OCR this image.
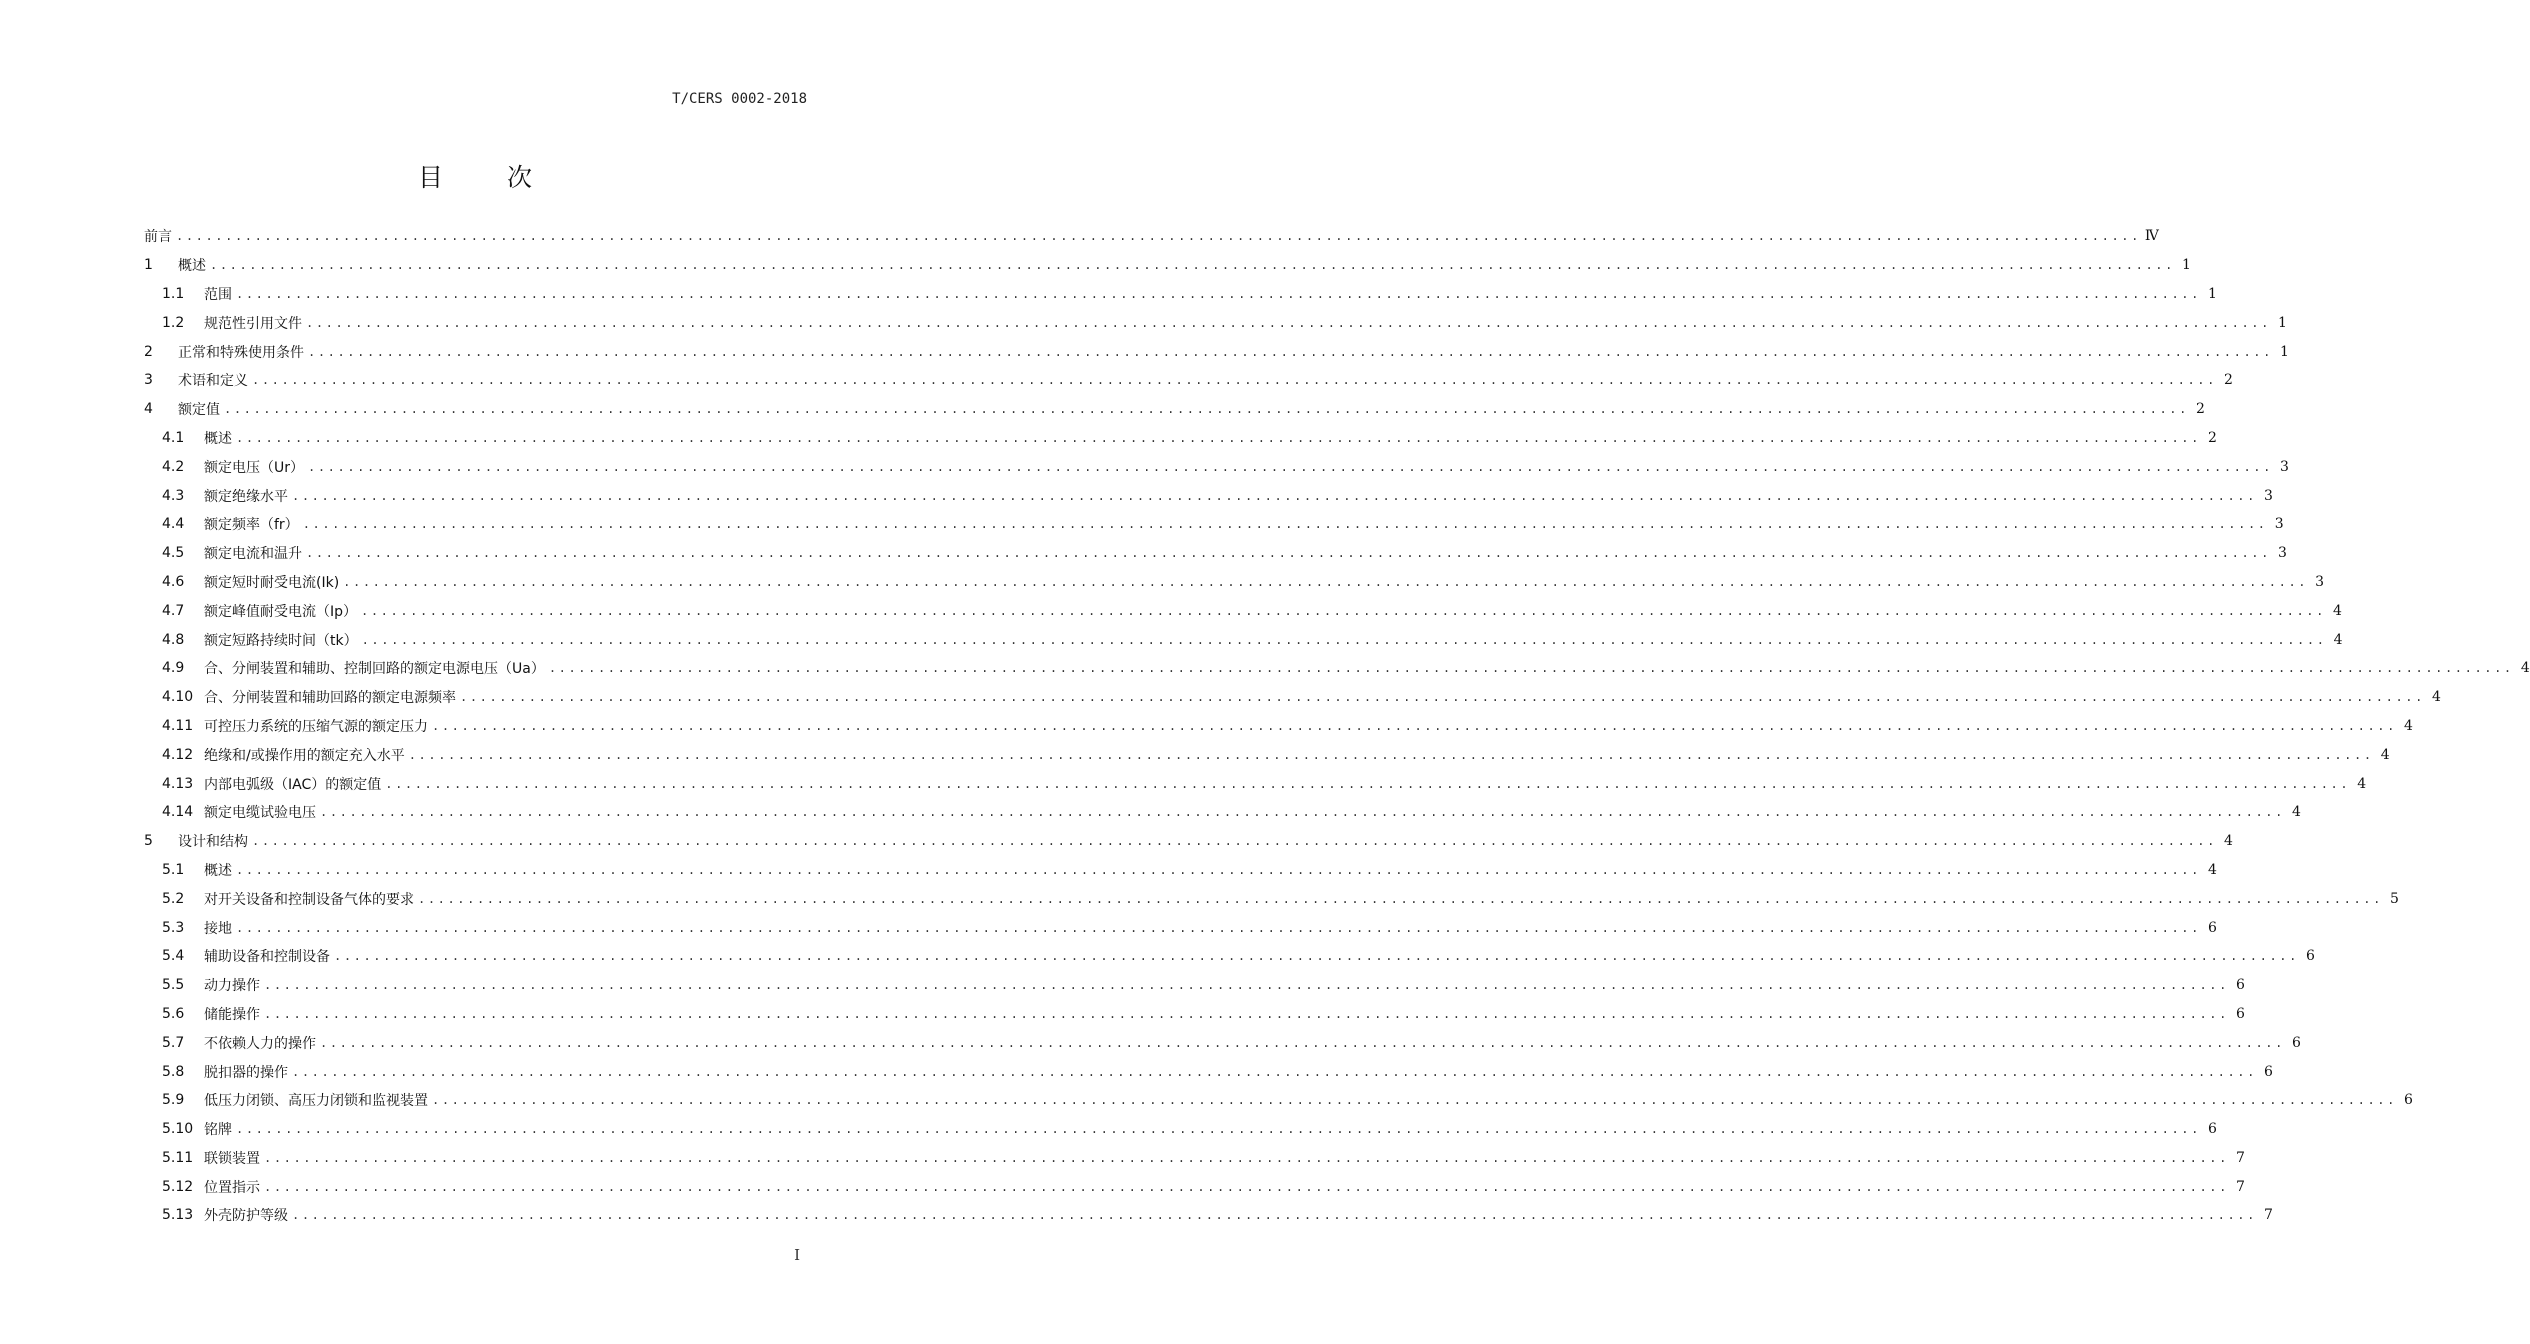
T/CERS 0002-2018
目 次
前言 ........................................................................................................................................................................................................ Ⅳ
1	概述 ........................................................................................................................................................................................................ 1
1.1	范围 ........................................................................................................................................................................................................ 1
1.2	规范性引用文件 ........................................................................................................................................................................................................ 1
2	正常和特殊使用条件 ........................................................................................................................................................................................................ 1
3	术语和定义 ........................................................................................................................................................................................................ 2
4	额定值 ........................................................................................................................................................................................................ 2
4.1	概述 ........................................................................................................................................................................................................ 2
4.2	额定电压（Ur） ........................................................................................................................................................................................................ 3
4.3	额定绝缘水平 ........................................................................................................................................................................................................ 3
4.4	额定频率（fr） ........................................................................................................................................................................................................ 3
4.5	额定电流和温升 ........................................................................................................................................................................................................ 3
4.6	额定短时耐受电流(Ik) ........................................................................................................................................................................................................ 3
4.7	额定峰值耐受电流（Ip） ........................................................................................................................................................................................................ 4
4.8	额定短路持续时间（tk） ........................................................................................................................................................................................................ 4
4.9	合、分闸装置和辅助、控制回路的额定电源电压（Ua） ........................................................................................................................................................................................................ 4
4.10 合、分闸装置和辅助回路的额定电源频率 ........................................................................................................................................................................................................ 4
4.11 可控压力系统的压缩气源的额定压力 ........................................................................................................................................................................................................ 4
4.12 绝缘和/或操作用的额定充入水平 ........................................................................................................................................................................................................ 4
4.13 内部电弧级（IAC）的额定值 ........................................................................................................................................................................................................ 4
4.14 额定电缆试验电压 ........................................................................................................................................................................................................ 4
5	设计和结构 ........................................................................................................................................................................................................ 4
5.1	概述 ........................................................................................................................................................................................................ 4
5.2	对开关设备和控制设备气体的要求 ........................................................................................................................................................................................................ 5
5.3	接地 ........................................................................................................................................................................................................ 6
5.4	辅助设备和控制设备 ........................................................................................................................................................................................................ 6
5.5	动力操作 ........................................................................................................................................................................................................ 6
5.6	储能操作 ........................................................................................................................................................................................................ 6
5.7	不依赖人力的操作 ........................................................................................................................................................................................................ 6
5.8	脱扣器的操作 ........................................................................................................................................................................................................ 6
5.9	低压力闭锁、高压力闭锁和监视装置 ........................................................................................................................................................................................................ 6
5.10 铭牌 ........................................................................................................................................................................................................ 6
5.11 联锁装置 ........................................................................................................................................................................................................ 7
5.12 位置指示 ........................................................................................................................................................................................................ 7
5.13 外壳防护等级 ........................................................................................................................................................................................................ 7
I
